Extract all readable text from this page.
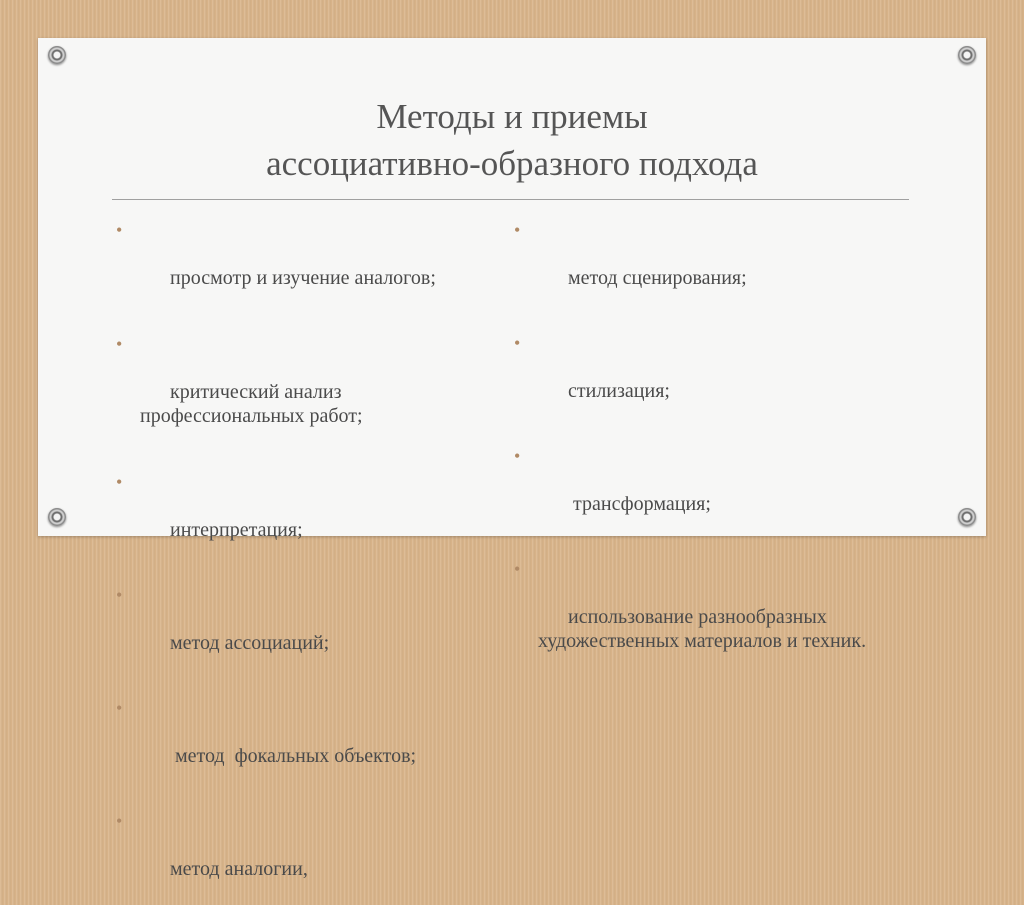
Методы и приемы
ассоциативно-образного подхода

•

просмотр и изучение аналогов;

•

критический анализ профессиональных работ;

•

интерпретация;

•

метод ассоциаций;

•

метод  фокальных объектов;

•

метод аналогии,

•

метод сценирования;

•

стилизация;

•

трансформация;

•

использование разнообразных художественных материалов и техник.
